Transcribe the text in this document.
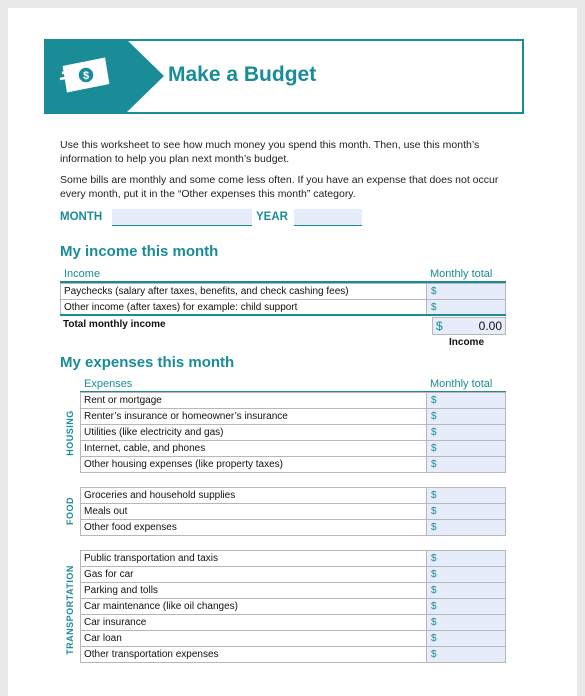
$	Make a Budget
Use this worksheet to see how much money you spend this month. Then, use this month’s information to help you plan next month’s budget.
Some bills are monthly and some come less often. If you have an expense that does not occur every month, put it in the “Other expenses this month” category.
MONTH	YEAR
My income this month
Income	Monthly total
Paychecks (salary after taxes, benefits, and check cashing fees)	$
Other income (after taxes) for example: child support	$
Total monthly income	$	0.00
Income
My expenses this month
Expenses	Monthly total
HOUSING
Rent or mortgage	$
Renter’s insurance or homeowner’s insurance	$
Utilities (like electricity and gas)	$
Internet, cable, and phones	$
Other housing expenses (like property taxes)	$
FOOD
Groceries and household supplies	$
Meals out	$
Other food expenses	$
TRANSPORTATION
Public transportation and taxis	$
Gas for car	$
Parking and tolls	$
Car maintenance (like oil changes)	$
Car insurance	$
Car loan	$
Other transportation expenses	$
